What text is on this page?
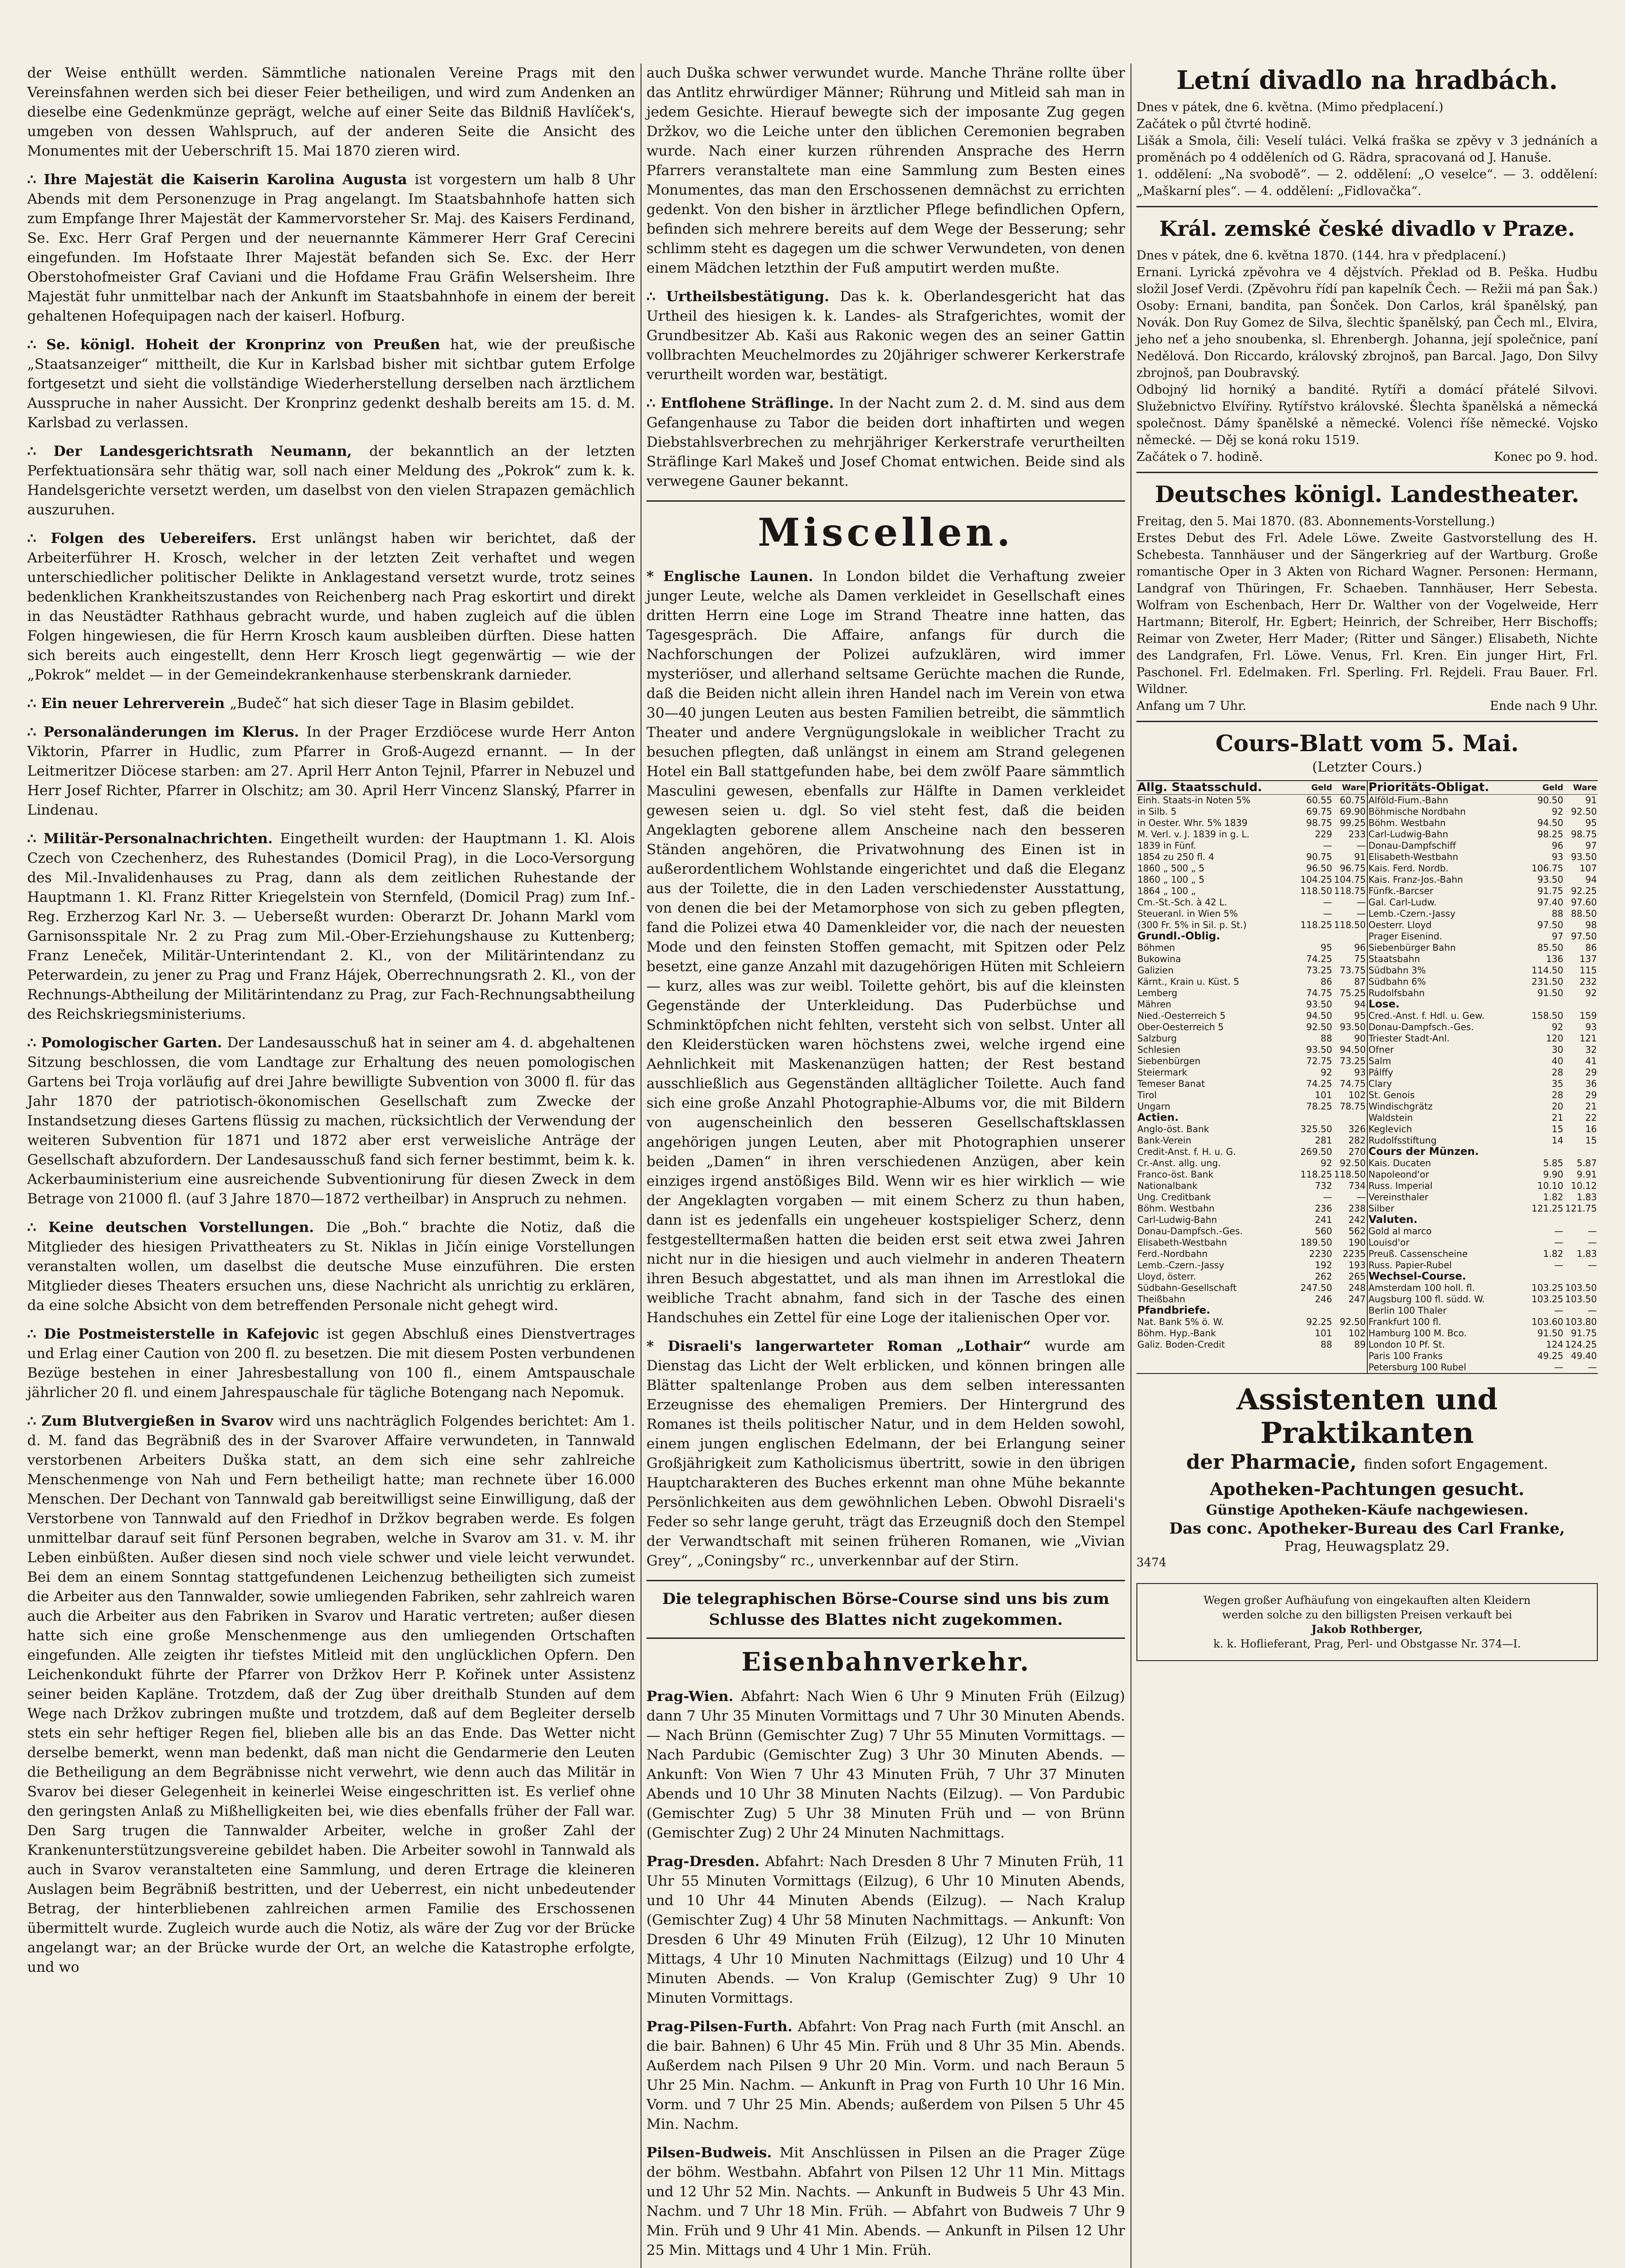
der Weise enthüllt werden. Sämmtliche nationalen Vereine Prags mit den Vereinsfahnen werden sich bei dieser Feier betheiligen, und wird zum Andenken an dieselbe eine Gedenkmünze geprägt, welche auf einer Seite das Bildniß Havlíček's, umgeben von dessen Wahlspruch, auf der anderen Seite die Ansicht des Monumentes mit der Ueberschrift 15. Mai 1870 zieren wird.

∴ Ihre Majestät die Kaiserin Karolina Augusta ist vorgestern um halb 8 Uhr Abends mit dem Personenzuge in Prag angelangt. Im Staatsbahnhofe hatten sich zum Empfange Ihrer Majestät der Kammervorsteher Sr. Maj. des Kaisers Ferdinand, Se. Exc. Herr Graf Pergen und der neuernannte Kämmerer Herr Graf Cerecini eingefunden. Im Hofstaate Ihrer Majestät befanden sich Se. Exc. der Herr Oberstohofmeister Graf Caviani und die Hofdame Frau Gräfin Welsersheim. Ihre Majestät fuhr unmittelbar nach der Ankunft im Staatsbahnhofe in einem der bereit gehaltenen Hofequipagen nach der kaiserl. Hofburg.

∴ Se. königl. Hoheit der Kronprinz von Preußen hat, wie der preußische „Staatsanzeiger“ mittheilt, die Kur in Karlsbad bisher mit sichtbar gutem Erfolge fortgesetzt und sieht die vollständige Wiederherstellung derselben nach ärztlichem Ausspruche in naher Aussicht. Der Kronprinz gedenkt deshalb bereits am 15. d. M. Karlsbad zu verlassen.

∴ Der Landesgerichtsrath Neumann, der bekanntlich an der letzten Perfektuationsära sehr thätig war, soll nach einer Meldung des „Pokrok“ zum k. k. Handelsgerichte versetzt werden, um daselbst von den vielen Strapazen gemächlich auszuruhen.

∴ Folgen des Uebereifers. Erst unlängst haben wir berichtet, daß der Arbeiterführer H. Krosch, welcher in der letzten Zeit verhaftet und wegen unterschiedlicher politischer Delikte in Anklagestand versetzt wurde, trotz seines bedenklichen Krankheitszustandes von Reichenberg nach Prag eskortirt und direkt in das Neustädter Rathhaus gebracht wurde, und haben zugleich auf die üblen Folgen hingewiesen, die für Herrn Krosch kaum ausbleiben dürften. Diese hatten sich bereits auch eingestellt, denn Herr Krosch liegt gegenwärtig — wie der „Pokrok“ meldet — in der Gemeindekrankenhause sterbenskrank darnieder.

∴ Ein neuer Lehrerverein „Budeč“ hat sich dieser Tage in Blasim gebildet.

∴ Personaländerungen im Klerus. In der Prager Erzdiöcese wurde Herr Anton Viktorin, Pfarrer in Hudlic, zum Pfarrer in Groß-Augezd ernannt. — In der Leitmeritzer Diöcese starben: am 27. April Herr Anton Tejnil, Pfarrer in Nebuzel und Herr Josef Richter, Pfarrer in Olschitz; am 30. April Herr Vincenz Slanský, Pfarrer in Lindenau.

∴ Militär-Personalnachrichten. Eingetheilt wurden: der Hauptmann 1. Kl. Alois Czech von Czechenherz, des Ruhestandes (Domicil Prag), in die Loco-Versorgung des Mil.-Invalidenhauses zu Prag, dann als dem zeitlichen Ruhestande der Hauptmann 1. Kl. Franz Ritter Kriegelstein von Sternfeld, (Domicil Prag) zum Inf.-Reg. Erzherzog Karl Nr. 3. — Ueberseßt wurden: Oberarzt Dr. Johann Markl vom Garnisonsspitale Nr. 2 zu Prag zum Mil.-Ober-Erziehungshause zu Kuttenberg; Franz Leneček, Militär-Unterintendant 2. Kl., von der Militärintendanz zu Peterwardein, zu jener zu Prag und Franz Hájek, Oberrechnungsrath 2. Kl., von der Rechnungs-Abtheilung der Militärintendanz zu Prag, zur Fach-Rechnungsabtheilung des Reichskriegsministeriums.

∴ Pomologischer Garten. Der Landesausschuß hat in seiner am 4. d. abgehaltenen Sitzung beschlossen, die vom Landtage zur Erhaltung des neuen pomologischen Gartens bei Troja vorläufig auf drei Jahre bewilligte Subvention von 3000 fl. für das Jahr 1870 der patriotisch-ökonomischen Gesellschaft zum Zwecke der Instandsetzung dieses Gartens flüssig zu machen, rücksichtlich der Verwendung der weiteren Subvention für 1871 und 1872 aber erst verweisliche Anträge der Gesellschaft abzufordern. Der Landesausschuß fand sich ferner bestimmt, beim k. k. Ackerbauministerium eine ausreichende Subventionirung für diesen Zweck in dem Betrage von 21000 fl. (auf 3 Jahre 1870—1872 vertheilbar) in Anspruch zu nehmen.

∴ Keine deutschen Vorstellungen. Die „Boh.“ brachte die Notiz, daß die Mitglieder des hiesigen Privattheaters zu St. Niklas in Jičín einige Vorstellungen veranstalten wollen, um daselbst die deutsche Muse einzuführen. Die ersten Mitglieder dieses Theaters ersuchen uns, diese Nachricht als unrichtig zu erklären, da eine solche Absicht von dem betreffenden Personale nicht gehegt wird.

∴ Die Postmeisterstelle in Kafejovic ist gegen Abschluß eines Dienstvertrages und Erlag einer Caution von 200 fl. zu besetzen. Die mit diesem Posten verbundenen Bezüge bestehen in einer Jahresbestallung von 100 fl., einem Amtspauschale jährlicher 20 fl. und einem Jahrespauschale für tägliche Botengang nach Nepomuk.

∴ Zum Blutvergießen in Svarov wird uns nachträglich Folgendes berichtet: Am 1. d. M. fand das Begräbniß des in der Svarover Affaire verwundeten, in Tannwald verstorbenen Arbeiters Duška statt, an dem sich eine sehr zahlreiche Menschenmenge von Nah und Fern betheiligt hatte; man rechnete über 16.000 Menschen. Der Dechant von Tannwald gab bereitwilligst seine Einwilligung, daß der Verstorbene von Tannwald auf den Friedhof in Držkov begraben werde. Es folgen unmittelbar darauf seit fünf Personen begraben, welche in Svarov am 31. v. M. ihr Leben einbüßten. Außer diesen sind noch viele schwer und viele leicht verwundet. Bei dem an einem Sonntag stattgefundenen Leichenzug betheiligten sich zumeist die Arbeiter aus den Tannwalder, sowie umliegenden Fabriken, sehr zahlreich waren auch die Arbeiter aus den Fabriken in Svarov und Haratic vertreten; außer diesen hatte sich eine große Menschenmenge aus den umliegenden Ortschaften eingefunden. Alle zeigten ihr tiefstes Mitleid mit den unglücklichen Opfern. Den Leichenkondukt führte der Pfarrer von Držkov Herr P. Kořinek unter Assistenz seiner beiden Kapläne. Trotzdem, daß der Zug über dreithalb Stunden auf dem Wege nach Držkov zubringen mußte und trotzdem, daß auf dem Begleiter derselb stets ein sehr heftiger Regen fiel, blieben alle bis an das Ende. Das Wetter nicht derselbe bemerkt, wenn man bedenkt, daß man nicht die Gendarmerie den Leuten die Betheiligung an dem Begräbnisse nicht verwehrt, wie denn auch das Militär in Svarov bei dieser Gelegenheit in keinerlei Weise eingeschritten ist. Es verlief ohne den geringsten Anlaß zu Mißhelligkeiten bei, wie dies ebenfalls früher der Fall war. Den Sarg trugen die Tannwalder Arbeiter, welche in großer Zahl der Krankenunterstützungsvereine gebildet haben. Die Arbeiter sowohl in Tannwald als auch in Svarov veranstalteten eine Sammlung, und deren Ertrage die kleineren Auslagen beim Begräbniß bestritten, und der Ueberrest, ein nicht unbedeutender Betrag, der hinterbliebenen zahlreichen armen Familie des Erschossenen übermittelt wurde. Zugleich wurde auch die Notiz, als wäre der Zug vor der Brücke angelangt war; an der Brücke wurde der Ort, an welche die Katastrophe erfolgte, und wo

auch Duška schwer verwundet wurde. Manche Thräne rollte über das Antlitz ehrwürdiger Männer; Rührung und Mitleid sah man in jedem Gesichte. Hierauf bewegte sich der imposante Zug gegen Držkov, wo die Leiche unter den üblichen Ceremonien begraben wurde. Nach einer kurzen rührenden Ansprache des Herrn Pfarrers veranstaltete man eine Sammlung zum Besten eines Monumentes, das man den Erschossenen demnächst zu errichten gedenkt. Von den bisher in ärztlicher Pflege befindlichen Opfern, befinden sich mehrere bereits auf dem Wege der Besserung; sehr schlimm steht es dagegen um die schwer Verwundeten, von denen einem Mädchen letzthin der Fuß amputirt werden mußte.

∴ Urtheilsbestätigung. Das k. k. Oberlandesgericht hat das Urtheil des hiesigen k. k. Landes- als Strafgerichtes, womit der Grundbesitzer Ab. Kaši aus Rakonic wegen des an seiner Gattin vollbrachten Meuchelmordes zu 20jähriger schwerer Kerkerstrafe verurtheilt worden war, bestätigt.

∴ Entflohene Sträflinge. In der Nacht zum 2. d. M. sind aus dem Gefangenhause zu Tabor die beiden dort inhaftirten und wegen Diebstahlsverbrechen zu mehrjähriger Kerkerstrafe verurtheilten Sträflinge Karl Makeš und Josef Chomat entwichen. Beide sind als verwegene Gauner bekannt.

Miscellen.

* Englische Launen. In London bildet die Verhaftung zweier junger Leute, welche als Damen verkleidet in Gesellschaft eines dritten Herrn eine Loge im Strand Theatre inne hatten, das Tagesgespräch. Die Affaire, anfangs für durch die Nachforschungen der Polizei aufzuklären, wird immer mysteriöser, und allerhand seltsame Gerüchte machen die Runde, daß die Beiden nicht allein ihren Handel nach im Verein von etwa 30—40 jungen Leuten aus besten Familien betreibt, die sämmtlich Theater und andere Vergnügungslokale in weiblicher Tracht zu besuchen pflegten, daß unlängst in einem am Strand gelegenen Hotel ein Ball stattgefunden habe, bei dem zwölf Paare sämmtlich Masculini gewesen, ebenfalls zur Hälfte in Damen verkleidet gewesen seien u. dgl. So viel steht fest, daß die beiden Angeklagten geborene allem Anscheine nach den besseren Ständen angehören, die Privatwohnung des Einen ist in außerordentlichem Wohlstande eingerichtet und daß die Eleganz aus der Toilette, die in den Laden verschiedenster Ausstattung, von denen die bei der Metamorphose von sich zu geben pflegten, fand die Polizei etwa 40 Damenkleider vor, die nach der neuesten Mode und den feinsten Stoffen gemacht, mit Spitzen oder Pelz besetzt, eine ganze Anzahl mit dazugehörigen Hüten mit Schleiern — kurz, alles was zur weibl. Toilette gehört, bis auf die kleinsten Gegenstände der Unterkleidung. Das Puderbüchse und Schminktöpfchen nicht fehlten, versteht sich von selbst. Unter all den Kleiderstücken waren höchstens zwei, welche irgend eine Aehnlichkeit mit Maskenanzügen hatten; der Rest bestand ausschließlich aus Gegenständen alltäglicher Toilette. Auch fand sich eine große Anzahl Photographie-Albums vor, die mit Bildern von augenscheinlich den besseren Gesellschaftsklassen angehörigen jungen Leuten, aber mit Photographien unserer beiden „Damen“ in ihren verschiedenen Anzügen, aber kein einziges irgend anstößiges Bild. Wenn wir es hier wirklich — wie der Angeklagten vorgaben — mit einem Scherz zu thun haben, dann ist es jedenfalls ein ungeheuer kostspieliger Scherz, denn festgestelltermaßen hatten die beiden erst seit etwa zwei Jahren nicht nur in die hiesigen und auch vielmehr in anderen Theatern ihren Besuch abgestattet, und als man ihnen im Arrestlokal die weibliche Tracht abnahm, fand sich in der Tasche des einen Handschuhes ein Zettel für eine Loge der italienischen Oper vor.

* Disraeli's langerwarteter Roman „Lothair“ wurde am Dienstag das Licht der Welt erblicken, und können bringen alle Blätter spaltenlange Proben aus dem selben interessanten Erzeugnisse des ehemaligen Premiers. Der Hintergrund des Romanes ist theils politischer Natur, und in dem Helden sowohl, einem jungen englischen Edelmann, der bei Erlangung seiner Großjährigkeit zum Katholicismus übertritt, sowie in den übrigen Hauptcharakteren des Buches erkennt man ohne Mühe bekannte Persönlichkeiten aus dem gewöhnlichen Leben. Obwohl Disraeli's Feder so sehr lange geruht, trägt das Erzeugniß doch den Stempel der Verwandtschaft mit seinen früheren Romanen, wie „Vivian Grey“, „Coningsby“ rc., unverkennbar auf der Stirn.

Die telegraphischen Börse-Course sind uns bis zum Schlusse des Blattes nicht zugekommen.
Eisenbahnverkehr.

Prag-Wien. Abfahrt: Nach Wien 6 Uhr 9 Minuten Früh (Eilzug) dann 7 Uhr 35 Minuten Vormittags und 7 Uhr 30 Minuten Abends. — Nach Brünn (Gemischter Zug) 7 Uhr 55 Minuten Vormittags. — Nach Pardubic (Gemischter Zug) 3 Uhr 30 Minuten Abends. — Ankunft: Von Wien 7 Uhr 43 Minuten Früh, 7 Uhr 37 Minuten Abends und 10 Uhr 38 Minuten Nachts (Eilzug). — Von Pardubic (Gemischter Zug) 5 Uhr 38 Minuten Früh und — von Brünn (Gemischter Zug) 2 Uhr 24 Minuten Nachmittags.

Prag-Dresden. Abfahrt: Nach Dresden 8 Uhr 7 Minuten Früh, 11 Uhr 55 Minuten Vormittags (Eilzug), 6 Uhr 10 Minuten Abends, und 10 Uhr 44 Minuten Abends (Eilzug). — Nach Kralup (Gemischter Zug) 4 Uhr 58 Minuten Nachmittags. — Ankunft: Von Dresden 6 Uhr 49 Minuten Früh (Eilzug), 12 Uhr 10 Minuten Mittags, 4 Uhr 10 Minuten Nachmittags (Eilzug) und 10 Uhr 4 Minuten Abends. — Von Kralup (Gemischter Zug) 9 Uhr 10 Minuten Vormittags.

Prag-Pilsen-Furth. Abfahrt: Von Prag nach Furth (mit Anschl. an die bair. Bahnen) 6 Uhr 45 Min. Früh und 8 Uhr 35 Min. Abends. Außerdem nach Pilsen 9 Uhr 20 Min. Vorm. und nach Beraun 5 Uhr 25 Min. Nachm. — Ankunft in Prag von Furth 10 Uhr 16 Min. Vorm. und 7 Uhr 25 Min. Abends; außerdem von Pilsen 5 Uhr 45 Min. Nachm.

Pilsen-Budweis. Mit Anschlüssen in Pilsen an die Prager Züge der böhm. Westbahn. Abfahrt von Pilsen 12 Uhr 11 Min. Mittags und 12 Uhr 52 Min. Nachts. — Ankunft in Budweis 5 Uhr 43 Min. Nachm. und 7 Uhr 18 Min. Früh. — Abfahrt von Budweis 7 Uhr 9 Min. Früh und 9 Uhr 41 Min. Abends. — Ankunft in Pilsen 12 Uhr 25 Min. Mittags und 4 Uhr 1 Min. Früh.

Letní divadlo na hradbách.

Dnes v pátek, dne 6. května. (Mimo předplacení.)

Začátek o půl čtvrté hodině.

Lišák a Smola, čili: Veselí tuláci. Velká fraška se zpěvy v 3 jednáních a proměnách po 4 odděleních od G. Rädra, spracovaná od J. Hanuše.

1. oddělení: „Na svobodě“. — 2. oddělení: „O veselce“. — 3. oddělení: „Maškarní ples“. — 4. oddělení: „Fidlovačka“.

Král. zemské české divadlo v Praze.

Dnes v pátek, dne 6. května 1870. (144. hra v předplacení.)

Ernani. Lyrická zpěvohra ve 4 dějstvích. Překlad od B. Peška. Hudbu složil Josef Verdi. (Zpěvohru řídí pan kapelník Čech. — Režii má pan Šak.) Osoby: Ernani, bandita, pan Šonček. Don Carlos, král španělský, pan Novák. Don Ruy Gomez de Silva, šlechtic španělský, pan Čech ml., Elvira, jeho neť a jeho snoubenka, sl. Ehrenbergh. Johanna, její společnice, paní Nedělová. Don Riccardo, královský zbrojnoš, pan Barcal. Jago, Don Silvy zbrojnoš, pan Doubravský.

Odbojný lid horniký a bandité. Rytíři a domácí přátelé Silvovi. Služebnictvo Elvířiny. Rytířstvo královské. Šlechta španělská a německá společnost. Dámy španělské a německé. Volenci říše německé. Vojsko německé. — Děj se koná roku 1519.

Začátek o 7. hodině.	Konec po 9. hod.
Deutsches königl. Landestheater.

Freitag, den 5. Mai 1870. (83. Abonnements-Vorstellung.)

Erstes Debut des Frl. Adele Löwe. Zweite Gastvorstellung des H. Schebesta. Tannhäuser und der Sängerkrieg auf der Wartburg. Große romantische Oper in 3 Akten von Richard Wagner. Personen: Hermann, Landgraf von Thüringen, Fr. Schaeben. Tannhäuser, Herr Sebesta. Wolfram von Eschenbach, Herr Dr. Walther von der Vogelweide, Herr Hartmann; Biterolf, Hr. Egbert; Heinrich, der Schreiber, Herr Bischoffs; Reimar von Zweter, Herr Mader; (Ritter und Sänger.) Elisabeth, Nichte des Landgrafen, Frl. Löwe. Venus, Frl. Kren. Ein junger Hirt, Frl. Paschonel. Frl. Edelmaken. Frl. Sperling. Frl. Rejdeli. Frau Bauer. Frl. Wildner.

Anfang um 7 Uhr.	Ende nach 9 Uhr.
Cours-Blatt vom 5. Mai.
(Letzter Cours.)
Allg. Staatsschuld.	Geld	Ware
Einh. Staats-in Noten 5%	60.55	60.75
in Silb. 5	69.75	69.90
in Oester. Whr. 5% 1839	98.75	99.25
M. Verl. v. J. 1839 in g. L.	229	233
1839 in Fünf.	—	—
1854 zu 250 fl. 4	90.75	91
1860 „ 500 „ 5	96.50	96.75
1860 „ 100 „ 5	104.25	104.75
1864 „ 100 „	118.50	118.75
Cm.-St.-Sch. à 42 L.	—	—
Steueranl. in Wien 5%	—	—
(300 Fr. 5% in Sil. p. St.)	118.25	118.50
Grundl.-Oblig.		
Böhmen	95	96
Bukowina	74.25	75
Galizien	73.25	73.75
Kärnt., Krain u. Küst. 5	86	87
Lemberg	74.75	75.25
Mähren	93.50	94
Nied.-Oesterreich 5	94.50	95
Ober-Oesterreich 5	92.50	93.50
Salzburg	88	90
Schlesien	93.50	94.50
Siebenbürgen	72.75	73.25
Steiermark	92	93
Temeser Banat	74.25	74.75
Tirol	101	102
Ungarn	78.25	78.75
Actien.		
Anglo-öst. Bank	325.50	326
Bank-Verein	281	282
Credit-Anst. f. H. u. G.	269.50	270
Cr.-Anst. allg. ung.	92	92.50
Franco-öst. Bank	118.25	118.50
Nationalbank	732	734
Ung. Creditbank	—	—
Böhm. Westbahn	236	238
Carl-Ludwig-Bahn	241	242
Donau-Dampfsch.-Ges.	560	562
Elisabeth-Westbahn	189.50	190
Ferd.-Nordbahn	2230	2235
Lemb.-Czern.-Jassy	192	193
Lloyd, österr.	262	265
Südbahn-Gesellschaft	247.50	248
Theißbahn	246	247
Pfandbriefe.		
Nat. Bank 5% ö. W.	92.25	92.50
Böhm. Hyp.-Bank	101	102
Galiz. Boden-Credit	88	89
Prioritäts-Obligat.	Geld	Ware
Alföld-Fium.-Bahn	90.50	91
Böhmische Nordbahn	92	92.50
Böhm. Westbahn	94.50	95
Carl-Ludwig-Bahn	98.25	98.75
Donau-Dampfschiff	96	97
Elisabeth-Westbahn	93	93.50
Kais. Ferd. Nordb.	106.75	107
Kais. Franz-Jos.-Bahn	93.50	94
Fünfk.-Barcser	91.75	92.25
Gal. Carl-Ludw.	97.40	97.60
Lemb.-Czern.-Jassy	88	88.50
Oesterr. Lloyd	97.50	98
Prager Eisenind.	97	97.50
Siebenbürger Bahn	85.50	86
Staatsbahn	136	137
Südbahn 3%	114.50	115
Südbahn 6%	231.50	232
Rudolfsbahn	91.50	92
Lose.		
Cred.-Anst. f. Hdl. u. Gew.	158.50	159
Donau-Dampfsch.-Ges.	92	93
Triester Stadt-Anl.	120	121
Ofner	30	32
Salm	40	41
Pálffy	28	29
Clary	35	36
St. Genois	28	29
Windischgrätz	20	21
Waldstein	21	22
Keglevich	15	16
Rudolfsstiftung	14	15
Cours der Münzen.		
Kais. Ducaten	5.85	5.87
Napoleond'or	9.90	9.91
Russ. Imperial	10.10	10.12
Vereinsthaler	1.82	1.83
Silber	121.25	121.75
Valuten.		
Gold al marco	—	—
Louisd'or	—	—
Preuß. Cassenscheine	1.82	1.83
Russ. Papier-Rubel	—	—
Wechsel-Course.		
Amsterdam 100 holl. fl.	103.25	103.50
Augsburg 100 fl. südd. W.	103.25	103.50
Berlin 100 Thaler	—	—
Frankfurt 100 fl.	103.60	103.80
Hamburg 100 M. Bco.	91.50	91.75
London 10 Pf. St.	124	124.25
Paris 100 Franks	49.25	49.40
Petersburg 100 Rubel	—	—
Assistenten und Praktikanten
der Pharmacie, finden sofort Engagement.
Apotheken-Pachtungen gesucht.
Günstige Apotheken-Käufe nachgewiesen.
Das conc. Apotheker-Bureau des Carl Franke,
Prag, Heuwagsplatz 29.
3474
Wegen großer Aufhäufung von eingekauften alten Kleidern
werden solche zu den billigsten Preisen verkauft bei
Jakob Rothberger,
k. k. Hoflieferant, Prag, Perl- und Obstgasse Nr. 374—I.
